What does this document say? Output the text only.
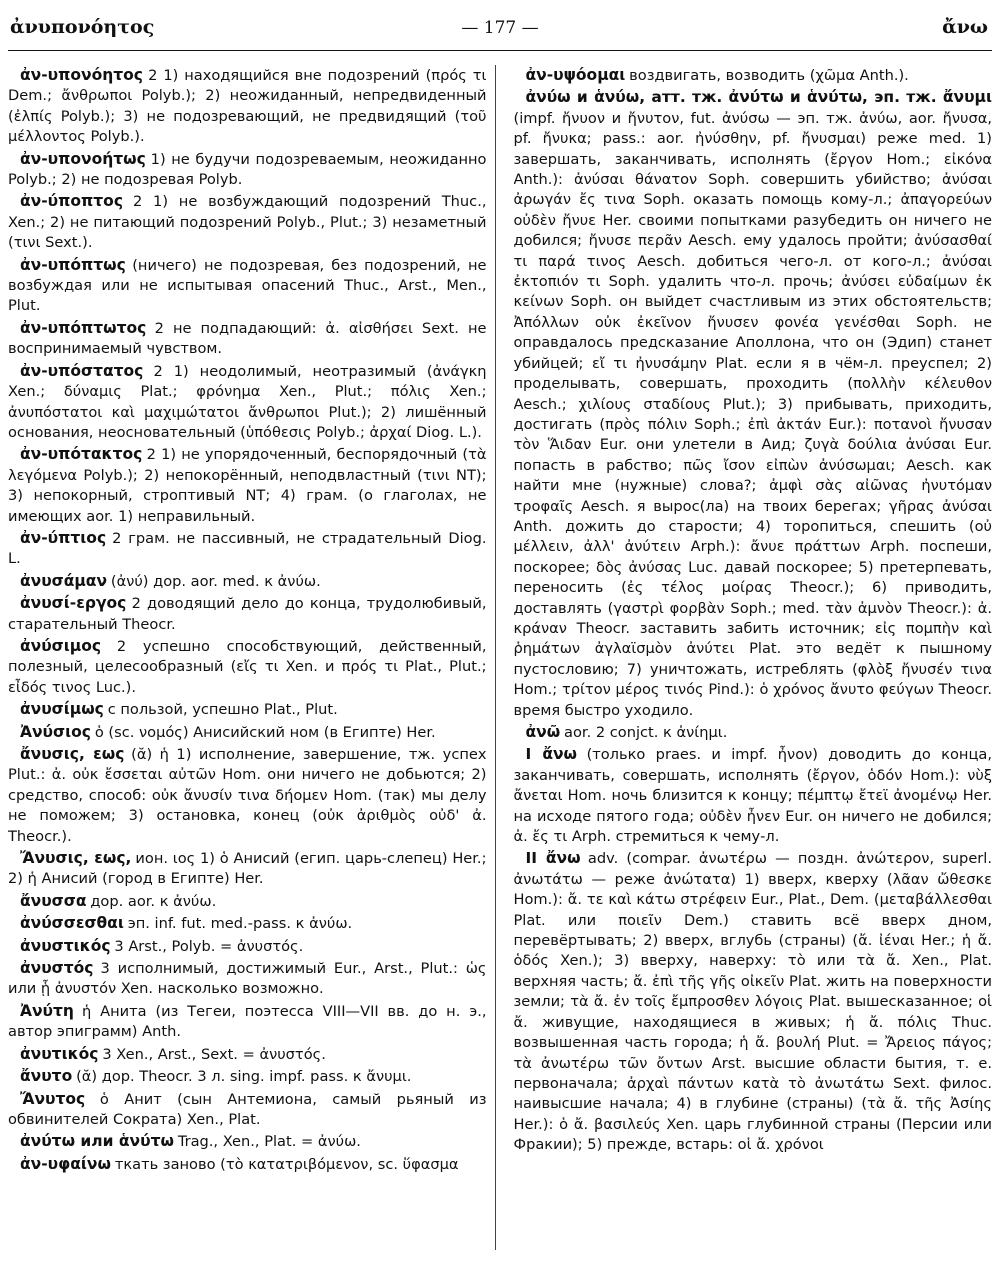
ἀνυπονόητος	— 177 —	ἄνω

ἀν-υπονόητος 2 1) находящийся вне подозрений (πρός τι Dem.; ἄνθρωποι Polyb.); 2) неожиданный, непредвиденный (ἐλπίς Polyb.); 3) не подозревающий, не предвидящий (τοῦ μέλλοντος Polyb.).

ἀν-υπονοήτως 1) не будучи подозреваемым, неожиданно Polyb.; 2) не подозревая Polyb.

ἀν-ύποπτος 2 1) не возбуждающий подозрений Thuc., Xen.; 2) не питающий подозрений Polyb., Plut.; 3) незаметный (τινι Sext.).

ἀν-υπόπτως (ничего) не подозревая, без подозрений, не возбуждая или не испытывая опасений Thuc., Arst., Men., Plut.

ἀν-υπόπτωτος 2 не подпадающий: ἀ. αἰσθήσει Sext. не воспринимаемый чувством.

ἀν-υπόστατος 2 1) неодолимый, неотразимый (ἀνάγκη Xen.; δύναμις Plat.; φρόνημα Xen., Plut.; πόλις Xen.; ἀνυπόστατοι καὶ μαχιμώτατοι ἄνθρωποι Plut.); 2) лишённый основания, неосновательный (ὑπόθεσις Polyb.; ἀρχαί Diog. L.).

ἀν-υπότακτος 2 1) не упорядоченный, беспорядочный (τὰ λεγόμενα Polyb.); 2) непокорённый, неподвластный (τινι NT); 3) непокорный, строптивый NT; 4) грам. (о глаголах, не имеющих aor. 1) неправильный.

ἀν-ύπτιος 2 грам. не пассивный, не страдательный Diog. L.

ἀνυσάμαν (ἀνύ) дор. aor. med. к ἀνύω.

ἀνυσί-εργος 2 доводящий дело до конца, трудолюбивый, старательный Theocr.

ἀνύσιμος 2 успешно способствующий, действенный, полезный, целесообразный (εἴς τι Xen. и πρός τι Plat., Plut.; εἶδός τινος Luc.).

ἀνυσίμως с пользой, успешно Plat., Plut.

Ἀνύσιος ὁ (sc. νομός) Анисийский ном (в Египте) Her.

ἄνυσις, εως (ᾰ) ἡ 1) исполнение, завершение, тж. успех Plut.: ἀ. οὐκ ἔσσεται αὐτῶν Hom. они ничего не добьются; 2) средство, способ: οὐκ ἄνυσίν τινα δήομεν Hom. (так) мы делу не поможем; 3) остановка, конец (οὐκ ἀριθμὸς οὐδ' ἀ. Theocr.).

Ἄνυσις, εως, ион. ιος 1) ὁ Анисий (егип. царь-слепец) Her.; 2) ἡ Анисий (город в Египте) Her.

ἄνυσσα дор. aor. к ἀνύω.

ἀνύσσεσθαι эп. inf. fut. med.-pass. к ἀνύω.

ἀνυστικός 3 Arst., Polyb. = ἀνυστός.

ἀνυστός 3 исполнимый, достижимый Eur., Arst., Plut.: ὡς или ᾗ ἀνυστόν Xen. насколько возможно.

Ἀνύτη ἡ Анита (из Тегеи, поэтесса VIII—VII вв. до н. э., автор эпиграмм) Anth.

ἀνυτικός 3 Xen., Arst., Sext. = ἀνυστός.

ἄνυτο (ᾰ) дор. Theocr. 3 л. sing. impf. pass. к ἄνυμι.

Ἄνυτος ὁ Анит (сын Антемиона, самый рьяный из обвинителей Сократа) Xen., Plat.

ἀνύτω или ἁνύτω Trag., Xen., Plat. = ἀνύω.

ἀν-υφαίνω ткать заново (τὸ κατατριβόμενον, sc. ὕφασμα

ἀν-υψόομαι воздвигать, возводить (χῶμα Anth.).

ἀνύω и ἁνύω, атт. тж. ἀνύτω и ἁνύτω, эп. тж. ἄνυμι (impf. ἤνυον и ἤνυτον, fut. ἀνύσω — эп. тж. ἀνύω, aor. ἤνυσα, pf. ἤνυκα; pass.: aor. ἠνύσθην, pf. ἤνυσμαι) реже med. 1) завершать, заканчивать, исполнять (ἔργον Hom.; εἰκόνα Anth.): ἀνύσαι θάνατον Soph. совершить убийство; ἀνύσαι ἀρωγάν ἔς τινα Soph. оказать помощь кому-л.; ἀπαγορεύων οὐδὲν ἤνυε Her. своими попытками разубедить он ничего не добился; ἤνυσε περᾶν Aesch. ему удалось пройти; ἀνύσασθαί τι παρά τινος Aesch. добиться чего-л. от кого-л.; ἀνύσαι ἐκτοπιόν τι Soph. удалить что-л. прочь; ἀνύσει εὐδαίμων ἐκ κείνων Soph. он выйдет счастливым из этих обстоятельств; Ἀπόλλων οὐκ ἐκεῖνον ἤνυσεν φονέα γενέσθαι Soph. не оправдалось предсказание Аполлона, что он (Эдип) станет убийцей; εἴ τι ἠνυσάμην Plat. если я в чём-л. преуспел; 2) проделывать, совершать, проходить (πολλὴν κέλευθον Aesch.; χιλίους σταδίους Plut.); 3) прибывать, приходить, достигать (πρὸς πόλιν Soph.; ἐπὶ ἀκτάν Eur.): ποτανοὶ ἤνυσαν τὸν Ἅιδαν Eur. они улетели в Аид; ζυγὰ δούλια ἀνύσαι Eur. попасть в рабство; πῶς ἴσον εἰπὼν ἀνύσωμαι; Aesch. как найти мне (нужные) слова?; ἀμφὶ σὰς αἰῶνας ἠνυτόμαν τροφαῖς Aesch. я вырос(ла) на твоих берегах; γῆρας ἀνύσαι Anth. дожить до старости; 4) торопиться, спешить (οὐ μέλλειν, ἀλλ' ἀνύτειν Arph.): ἄνυε πράττων Arph. поспеши, поскорее; δὸς ἀνύσας Luc. давай поскорее; 5) претерпевать, переносить (ἐς τέλος μοίρας Theocr.); 6) приводить, доставлять (γαστρὶ φορβὰν Soph.; med. τὰν ἀμνὸν Theocr.): ἀ. κράναν Theocr. заставить забить источник; εἰς πομπὴν καὶ ῥημάτων ἀγλαϊσμὸν ἀνύτει Plat. это ведёт к пышному пустословию; 7) уничтожать, истреблять (φλὸξ ἤνυσέν τινα Hom.; τρίτον μέρος τινός Pind.): ὁ χρόνος ἄνυτο φεύγων Theocr. время быстро уходило.

ἀνῶ aor. 2 conjct. к ἀνίημι.

I ἄνω (только praes. и impf. ἦνον) доводить до конца, заканчивать, совершать, исполнять (ἔργον, ὁδόν Hom.): νὺξ ἄνεται Hom. ночь близится к концу; πέμπτῳ ἔτεϊ ἀνομένῳ Her. на исходе пятого года; οὐδὲν ἦνεν Eur. он ничего не добился; ἀ. ἔς τι Arph. стремиться к чему-л.

II ἄνω adv. (compar. ἀνωτέρω — поздн. ἀνώτερον, superl. ἀνωτάτω — реже ἀνώτατα) 1) вверх, кверху (λᾶαν ὤθεσκε Hom.): ἄ. τε καὶ κάτω στρέφειν Eur., Plat., Dem. (μεταβάλλεσθαι Plat. или ποιεῖν Dem.) ставить всё вверх дном, перевёртывать; 2) вверх, вглубь (страны) (ἄ. ἰέναι Her.; ἡ ἄ. ὁδός Xen.); 3) вверху, наверху: τὸ или τὰ ἄ. Xen., Plat. верхняя часть; ἄ. ἐπὶ τῆς γῆς οἰκεῖν Plat. жить на поверхности земли; τὰ ἄ. ἐν τοῖς ἔμπροσθεν λόγοις Plat. вышесказанное; οἱ ἄ. живущие, находящиеся в живых; ἡ ἄ. πόλις Thuc. возвышенная часть города; ἡ ἄ. βουλή Plut. = Ἄρειος πάγος; τὰ ἀνωτέρω τῶν ὄντων Arst. высшие области бытия, т. е. первоначала; ἀρχαὶ πάντων κατὰ τὸ ἀνωτάτω Sext. филос. наивысшие начала; 4) в глубине (страны) (τὰ ἄ. τῆς Ἀσίης Her.): ὁ ἄ. βασιλεύς Xen. царь глубинной страны (Персии или Фракии); 5) прежде, встарь: οἱ ἄ. χρόνοι
